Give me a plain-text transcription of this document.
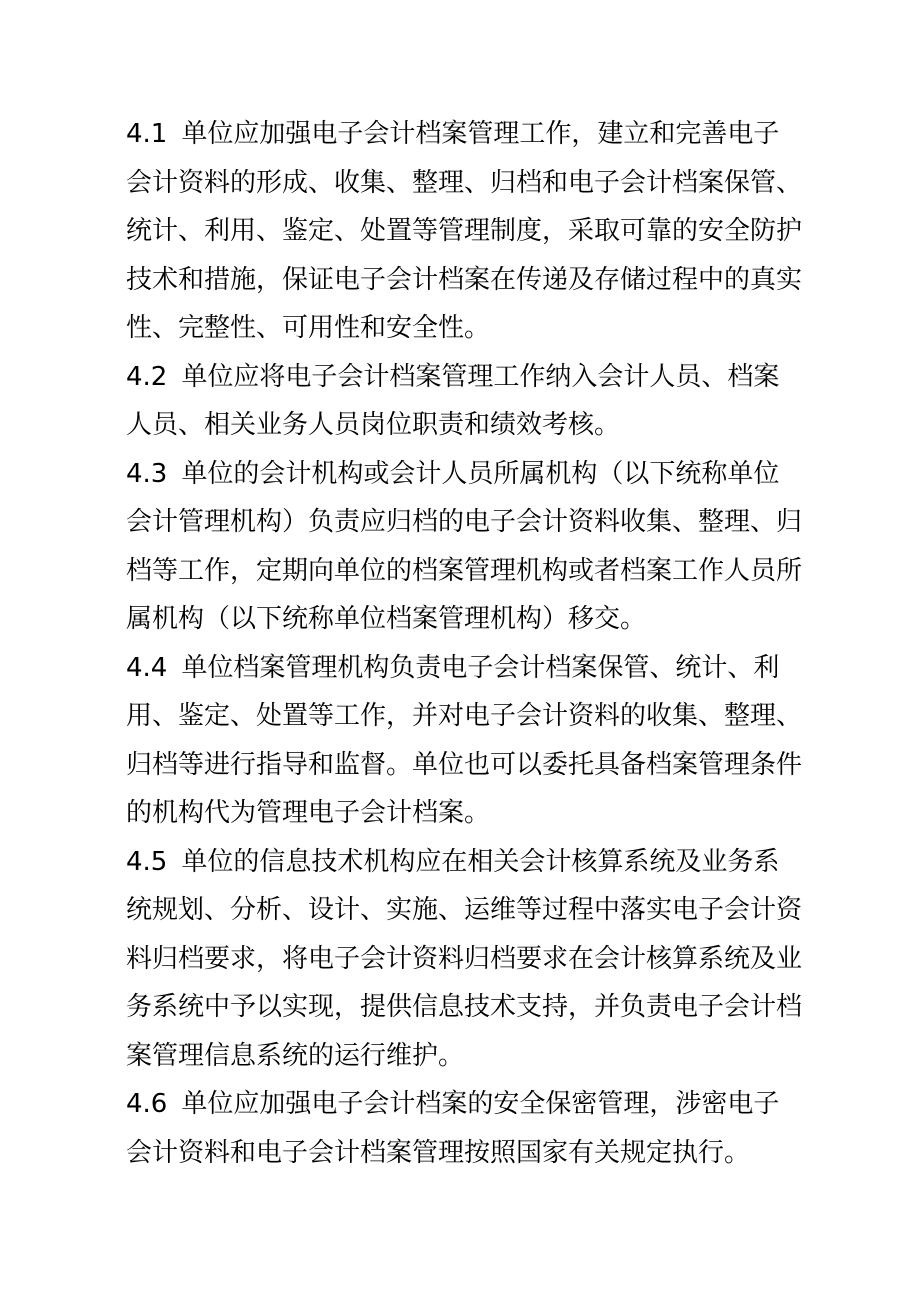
4.1 单位应加强电子会计档案管理工作，建立和完善电子会计资料的形成、收集、整理、归档和电子会计档案保管、统计、利用、鉴定、处置等管理制度，采取可靠的安全防护技术和措施，保证电子会计档案在传递及存储过程中的真实性、完整性、可用性和安全性。

4.2 单位应将电子会计档案管理工作纳入会计人员、档案人员、相关业务人员岗位职责和绩效考核。

4.3 单位的会计机构或会计人员所属机构（以下统称单位会计管理机构）负责应归档的电子会计资料收集、整理、归档等工作，定期向单位的档案管理机构或者档案工作人员所属机构（以下统称单位档案管理机构）移交。

4.4 单位档案管理机构负责电子会计档案保管、统计、利用、鉴定、处置等工作，并对电子会计资料的收集、整理、归档等进行指导和监督。单位也可以委托具备档案管理条件的机构代为管理电子会计档案。

4.5 单位的信息技术机构应在相关会计核算系统及业务系统规划、分析、设计、实施、运维等过程中落实电子会计资料归档要求，将电子会计资料归档要求在会计核算系统及业务系统中予以实现，提供信息技术支持，并负责电子会计档案管理信息系统的运行维护。

4.6 单位应加强电子会计档案的安全保密管理，涉密电子会计资料和电子会计档案管理按照国家有关规定执行。
